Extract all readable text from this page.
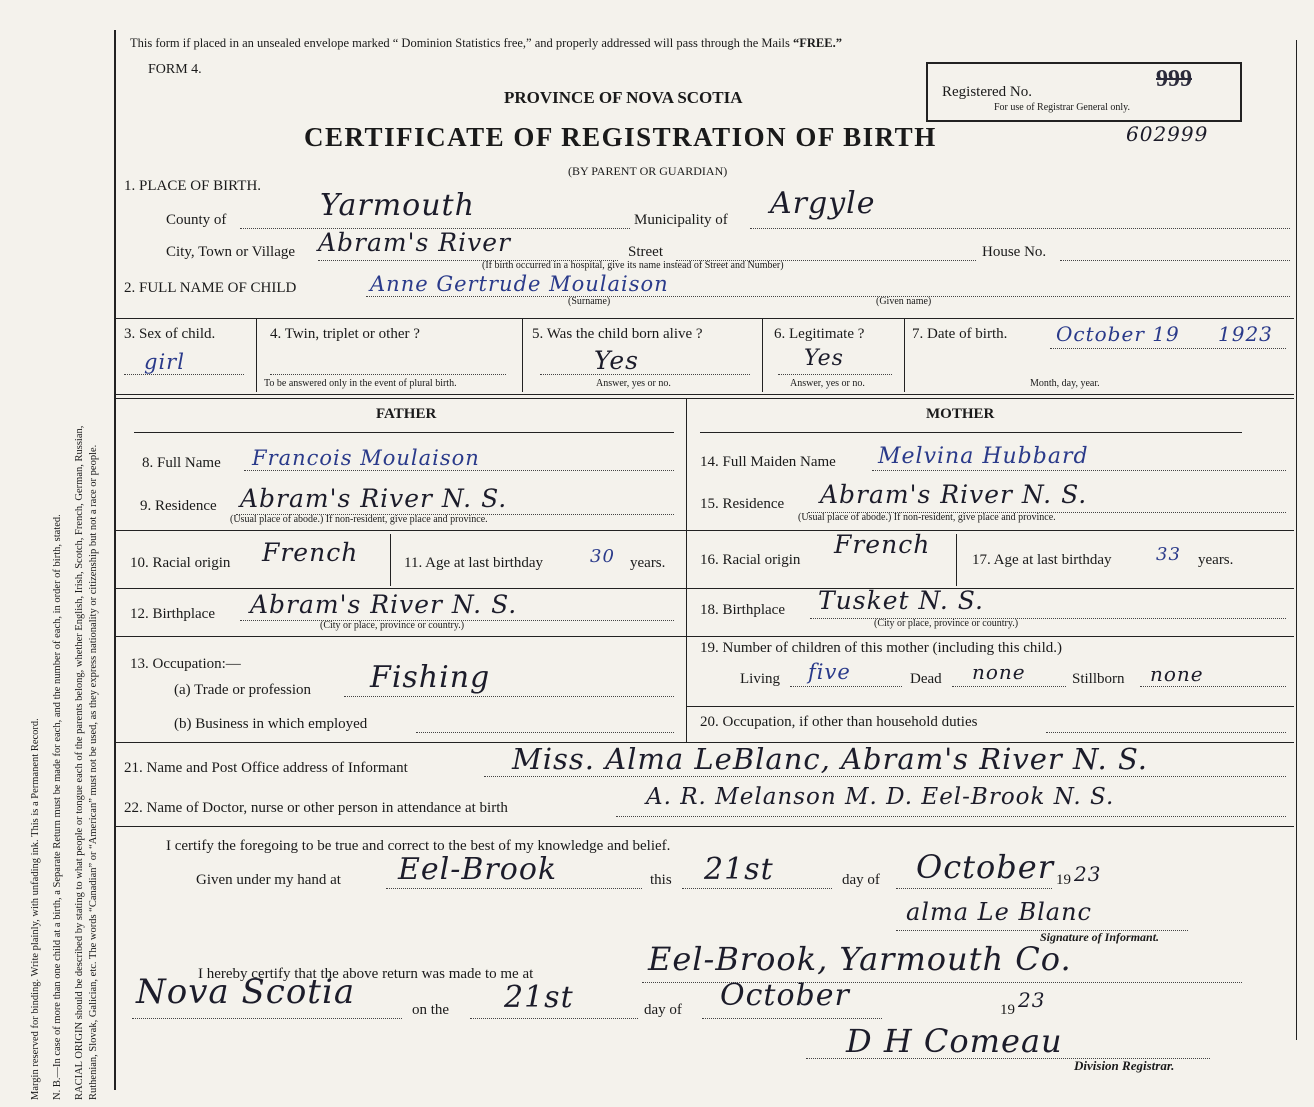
Margin reserved for binding. Write plainly, with unfading ink. This is a Permanent Record. N. B.—In case of more than one child at a birth, a Separate Return must be made for each, and the number of each, in order of birth, stated. RACIAL ORIGIN should be described by stating to what people or tongue each of the parents belong, whether English, Irish, Scotch, French, German, Russian, Ruthenian, Slovak, Galician, etc. The words “Canadian” or “American” must not be used, as they express nationality or citizenship but not a race or people.
This form if placed in an unsealed envelope marked “ Dominion Statistics free,” and properly addressed will pass through the Mails “FREE.”
FORM 4.
PROVINCE OF NOVA SCOTIA
CERTIFICATE OF REGISTRATION OF BIRTH
(BY PARENT OR GUARDIAN)
Registered No.	999
For use of Registrar General only.
602999
1. PLACE OF BIRTH.
County of	Yarmouth	Municipality of Argyle
City, Town or Village Abram's River	Street	House No.
(If birth occurred in a hospital, give its name instead of Street and Number)
2. FULL NAME OF CHILD	Anne Gertrude Moulaison
(Surname)	(Given name)
3. Sex of child.
girl
4. Twin, triplet or other ?
To be answered only in the event of plural birth.
5. Was the child born alive ?
Yes
Answer, yes or no.
6. Legitimate ?
Yes
Answer, yes or no.
7. Date of birth. October 19 1923
Month, day, year.
FATHER	MOTHER
8. Full Name Francois Moulaison
9. Residence Abram's River N. S.
(Usual place of abode.) If non-resident, give place and province.
10. Racial origin French	11. Age at last birthday	30 years.
12. Birthplace Abram's River N. S.
(City or place, province or country.)
13. Occupation:—
(a) Trade or profession Fishing
(b) Business in which employed
14. Full Maiden Name Melvina Hubbard
15. Residence Abram's River N. S.
(Usual place of abode.) If non-resident, give place and province.
16. Racial origin
French
17. Age at last birthday 33 years.
18. Birthplace Tusket N. S.
(City or place, province or country.)
19. Number of children of this mother (including this child.)
Living five	Dead none	Stillborn none
20. Occupation, if other than household duties
21. Name and Post Office address of Informant	Miss. Alma LeBlanc, Abram's River N. S.
22. Name of Doctor, nurse or other person in attendance at birth	A. R. Melanson M. D. Eel-Brook N. S.
I certify the foregoing to be true and correct to the best of my knowledge and belief.
Given under my hand at Eel-Brook	this 21st	day of October 19 23
alma Le Blanc
Signature of Informant.
I hereby certify that the above return was made to me at	Eel-Brook, Yarmouth Co.
Nova Scotia	on the 21st	day of October	19 23
D H Comeau
Division Registrar.
